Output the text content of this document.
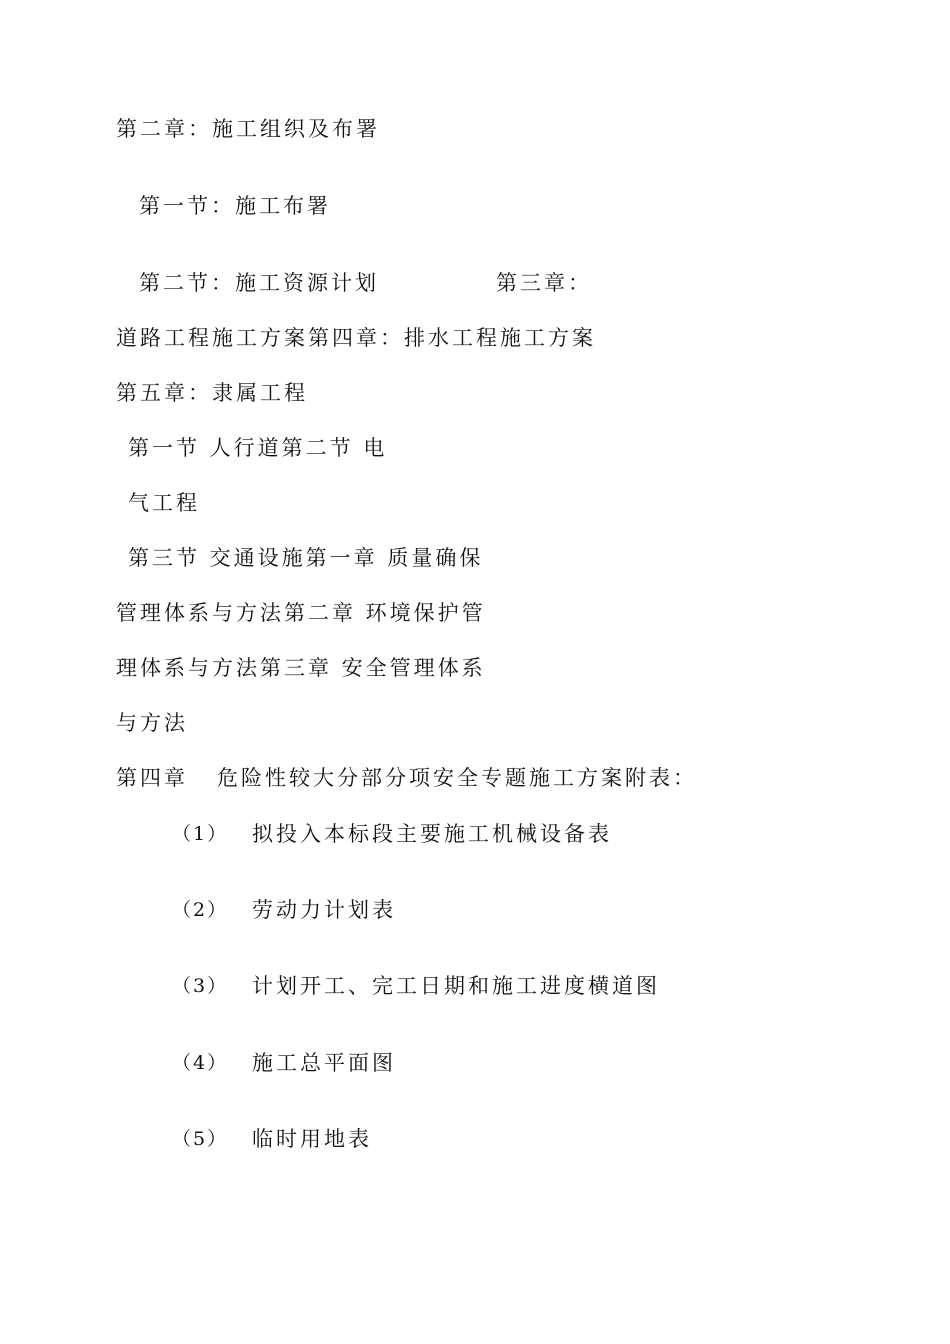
第二章：施工组织及布署
第一节：施工布署
第二节：施工资源计划	第三章：
道路工程施工方案第四章：排水工程施工方案
第五章：隶属工程
第一节 人行道第二节 电
气工程
第三节 交通设施第一章 质量确保
管理体系与方法第二章 环境保护管
理体系与方法第三章 安全管理体系
与方法
第四章   危险性较大分部分项安全专题施工方案附表：
（1） 拟投入本标段主要施工机械设备表
（2） 劳动力计划表
（3） 计划开工、完工日期和施工进度横道图
（4） 施工总平面图
（5） 临时用地表
